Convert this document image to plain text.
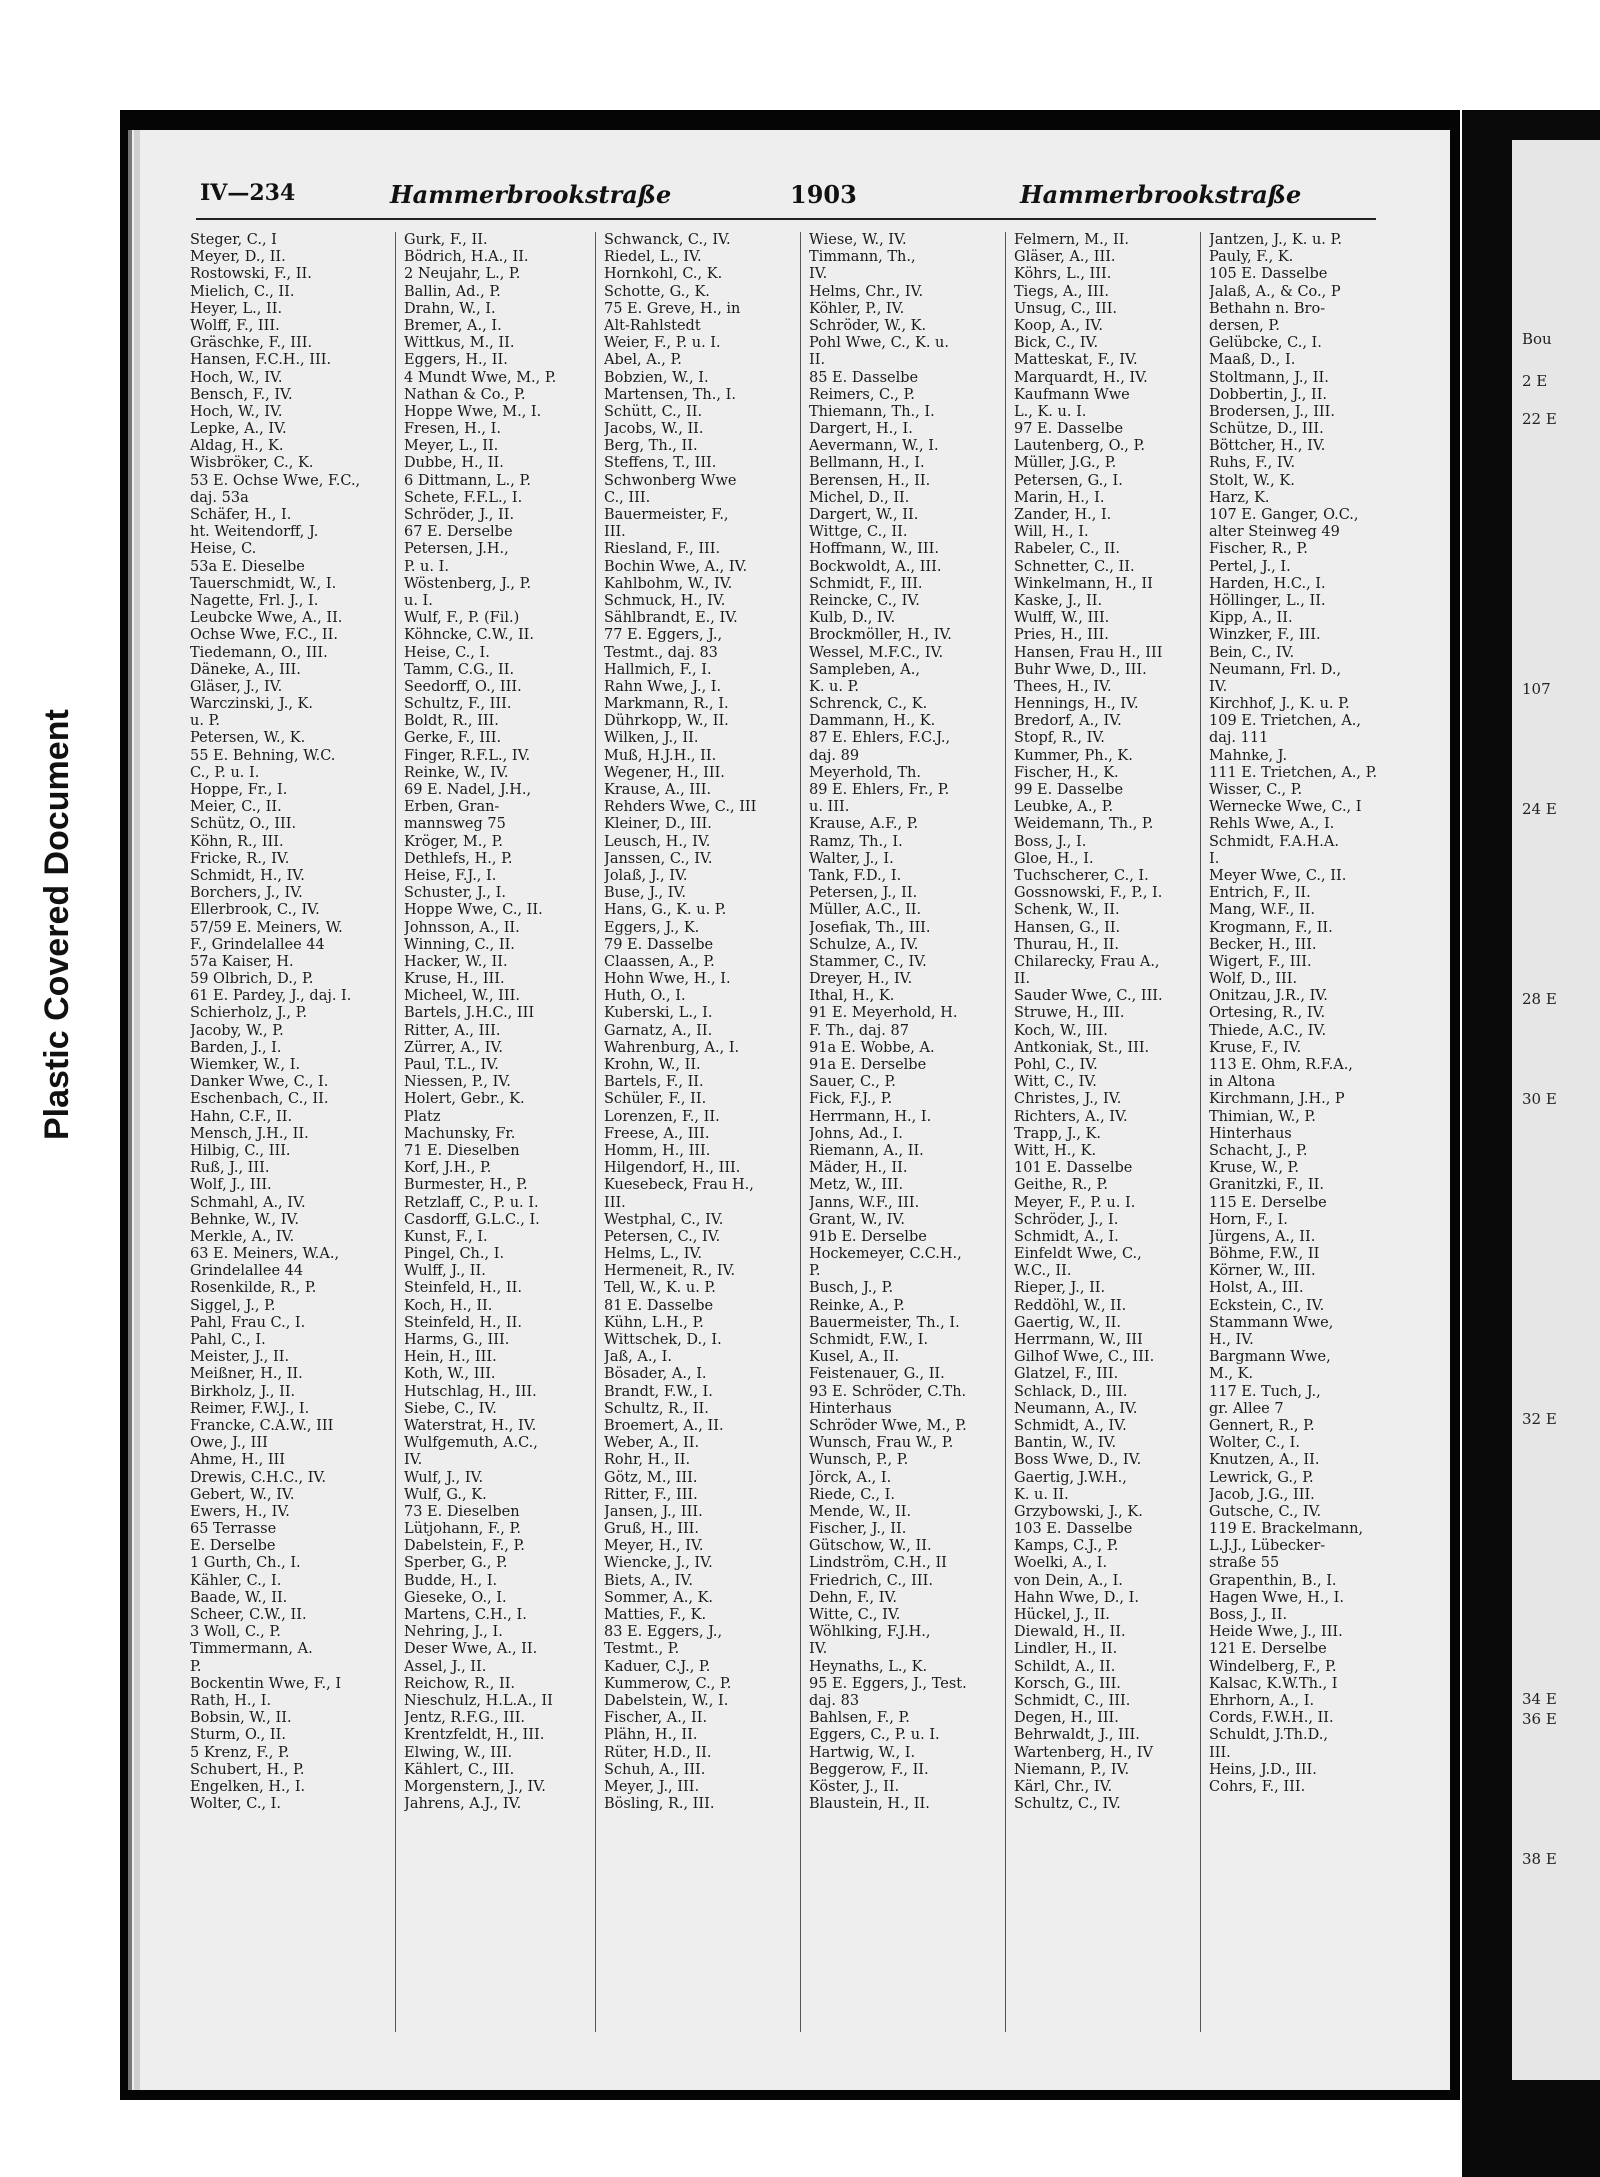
Plastic Covered Document
Bou
2 E
22 E
107
24 E
28 E
30 E
32 E
34 E
36 E
38 E
IV—234	Hammerbrookstraße	1903	Hammerbrookstraße
Steger, C., I
Meyer, D., II.
Rostowski, F., II.
Mielich, C., II.
Heyer, L., II.
Wolff, F., III.
Gräschke, F., III.
Hansen, F.C.H., III.
Hoch, W., IV.
Bensch, F., IV.
Hoch, W., IV.
Lepke, A., IV.
Aldag, H., K.
Wisbröker, C., K.
53 E. Ochse Wwe, F.C.,
daj. 53a
Schäfer, H., I.
ht. Weitendorff, J.
Heise, C.
53a E. Dieselbe
Tauerschmidt, W., I.
Nagette, Frl. J., I.
Leubcke Wwe, A., II.
Ochse Wwe, F.C., II.
Tiedemann, O., III.
Däneke, A., III.
Gläser, J., IV.
Warczinski, J., K.
u. P.
Petersen, W., K.
55 E. Behning, W.C.
C., P. u. I.
Hoppe, Fr., I.
Meier, C., II.
Schütz, O., III.
Köhn, R., III.
Fricke, R., IV.
Schmidt, H., IV.
Borchers, J., IV.
Ellerbrook, C., IV.
57/59 E. Meiners, W.
F., Grindelallee 44
57a Kaiser, H.
59 Olbrich, D., P.
61 E. Pardey, J., daj. I.
Schierholz, J., P.
Jacoby, W., P.
Barden, J., I.
Wiemker, W., I.
Danker Wwe, C., I.
Eschenbach, C., II.
Hahn, C.F., II.
Mensch, J.H., II.
Hilbig, C., III.
Ruß, J., III.
Wolf, J., III.
Schmahl, A., IV.
Behnke, W., IV.
Merkle, A., IV.
63 E. Meiners, W.A.,
Grindelallee 44
Rosenkilde, R., P.
Siggel, J., P.
Pahl, Frau C., I.
Pahl, C., I.
Meister, J., II.
Meißner, H., II.
Birkholz, J., II.
Reimer, F.W.J., I.
Francke, C.A.W., III
Owe, J., III
Ahme, H., III
Drewis, C.H.C., IV.
Gebert, W., IV.
Ewers, H., IV.
65 Terrasse
E. Derselbe
1 Gurth, Ch., I.
Kähler, C., I.
Baade, W., II.
Scheer, C.W., II.
3 Woll, C., P.
Timmermann, A.
P.
Bockentin Wwe, F., I
Rath, H., I.
Bobsin, W., II.
Sturm, O., II.
5 Krenz, F., P.
Schubert, H., P.
Engelken, H., I.
Wolter, C., I.
Gurk, F., II.
Bödrich, H.A., II.
2 Neujahr, L., P.
Ballin, Ad., P.
Drahn, W., I.
Bremer, A., I.
Wittkus, M., II.
Eggers, H., II.
4 Mundt Wwe, M., P.
Nathan & Co., P.
Hoppe Wwe, M., I.
Fresen, H., I.
Meyer, L., II.
Dubbe, H., II.
6 Dittmann, L., P.
Schete, F.F.L., I.
Schröder, J., II.
67 E. Derselbe
Petersen, J.H.,
P. u. I.
Wöstenberg, J., P.
u. I.
Wulf, F., P. (Fil.)
Köhncke, C.W., II.
Heise, C., I.
Tamm, C.G., II.
Seedorff, O., III.
Schultz, F., III.
Boldt, R., III.
Gerke, F., III.
Finger, R.F.L., IV.
Reinke, W., IV.
69 E. Nadel, J.H.,
Erben, Gran-
mannsweg 75
Kröger, M., P.
Dethlefs, H., P.
Heise, F.J., I.
Schuster, J., I.
Hoppe Wwe, C., II.
Johnsson, A., II.
Winning, C., II.
Hacker, W., II.
Kruse, H., III.
Micheel, W., III.
Bartels, J.H.C., III
Ritter, A., III.
Zürrer, A., IV.
Paul, T.L., IV.
Niessen, P., IV.
Holert, Gebr., K.
Platz
Machunsky, Fr.
71 E. Dieselben
Korf, J.H., P.
Burmester, H., P.
Retzlaff, C., P. u. I.
Casdorff, G.L.C., I.
Kunst, F., I.
Pingel, Ch., I.
Wulff, J., II.
Steinfeld, H., II.
Koch, H., II.
Steinfeld, H., II.
Harms, G., III.
Hein, H., III.
Koth, W., III.
Hutschlag, H., III.
Siebe, C., IV.
Waterstrat, H., IV.
Wulfgemuth, A.C.,
IV.
Wulf, J., IV.
Wulf, G., K.
73 E. Dieselben
Lütjohann, F., P.
Dabelstein, F., P.
Sperber, G., P.
Budde, H., I.
Gieseke, O., I.
Martens, C.H., I.
Nehring, J., I.
Deser Wwe, A., II.
Assel, J., II.
Reichow, R., II.
Nieschulz, H.L.A., II
Jentz, R.F.G., III.
Krentzfeldt, H., III.
Elwing, W., III.
Kählert, C., III.
Morgenstern, J., IV.
Jahrens, A.J., IV.
Schwanck, C., IV.
Riedel, L., IV.
Hornkohl, C., K.
Schotte, G., K.
75 E. Greve, H., in
Alt-Rahlstedt
Weier, F., P. u. I.
Abel, A., P.
Bobzien, W., I.
Martensen, Th., I.
Schütt, C., II.
Jacobs, W., II.
Berg, Th., II.
Steffens, T., III.
Schwonberg Wwe
C., III.
Bauermeister, F.,
III.
Riesland, F., III.
Bochin Wwe, A., IV.
Kahlbohm, W., IV.
Schmuck, H., IV.
Sählbrandt, E., IV.
77 E. Eggers, J.,
Testmt., daj. 83
Hallmich, F., I.
Rahn Wwe, J., I.
Markmann, R., I.
Dührkopp, W., II.
Wilken, J., II.
Muß, H.J.H., II.
Wegener, H., III.
Krause, A., III.
Rehders Wwe, C., III
Kleiner, D., III.
Leusch, H., IV.
Janssen, C., IV.
Jolaß, J., IV.
Buse, J., IV.
Hans, G., K. u. P.
Eggers, J., K.
79 E. Dasselbe
Claassen, A., P.
Hohn Wwe, H., I.
Huth, O., I.
Kuberski, L., I.
Garnatz, A., II.
Wahrenburg, A., I.
Krohn, W., II.
Bartels, F., II.
Schüler, F., II.
Lorenzen, F., II.
Freese, A., III.
Homm, H., III.
Hilgendorf, H., III.
Kuesebeck, Frau H.,
III.
Westphal, C., IV.
Petersen, C., IV.
Helms, L., IV.
Hermeneit, R., IV.
Tell, W., K. u. P.
81 E. Dasselbe
Kühn, L.H., P.
Wittschek, D., I.
Jaß, A., I.
Bösader, A., I.
Brandt, F.W., I.
Schultz, R., II.
Broemert, A., II.
Weber, A., II.
Rohr, H., II.
Götz, M., III.
Ritter, F., III.
Jansen, J., III.
Gruß, H., III.
Meyer, H., IV.
Wiencke, J., IV.
Biets, A., IV.
Sommer, A., K.
Matties, F., K.
83 E. Eggers, J.,
Testmt., P.
Kaduer, C.J., P.
Kummerow, C., P.
Dabelstein, W., I.
Fischer, A., II.
Plähn, H., II.
Rüter, H.D., II.
Schuh, A., III.
Meyer, J., III.
Bösling, R., III.
Wiese, W., IV.
Timmann, Th.,
IV.
Helms, Chr., IV.
Köhler, P., IV.
Schröder, W., K.
Pohl Wwe, C., K. u.
II.
85 E. Dasselbe
Reimers, C., P.
Thiemann, Th., I.
Dargert, H., I.
Aevermann, W., I.
Bellmann, H., I.
Berensen, H., II.
Michel, D., II.
Dargert, W., II.
Wittge, C., II.
Hoffmann, W., III.
Bockwoldt, A., III.
Schmidt, F., III.
Reincke, C., IV.
Kulb, D., IV.
Brockmöller, H., IV.
Wessel, M.F.C., IV.
Sampleben, A.,
K. u. P.
Schrenck, C., K.
Dammann, H., K.
87 E. Ehlers, F.C.J.,
daj. 89
Meyerhold, Th.
89 E. Ehlers, Fr., P.
u. III.
Krause, A.F., P.
Ramz, Th., I.
Walter, J., I.
Tank, F.D., I.
Petersen, J., II.
Müller, A.C., II.
Josefiak, Th., III.
Schulze, A., IV.
Stammer, C., IV.
Dreyer, H., IV.
Ithal, H., K.
91 E. Meyerhold, H.
F. Th., daj. 87
91a E. Wobbe, A.
91a E. Derselbe
Sauer, C., P.
Fick, F.J., P.
Herrmann, H., I.
Johns, Ad., I.
Riemann, A., II.
Mäder, H., II.
Metz, W., III.
Janns, W.F., III.
Grant, W., IV.
91b E. Derselbe
Hockemeyer, C.C.H.,
P.
Busch, J., P.
Reinke, A., P.
Bauermeister, Th., I.
Schmidt, F.W., I.
Kusel, A., II.
Feistenauer, G., II.
93 E. Schröder, C.Th.
Hinterhaus
Schröder Wwe, M., P.
Wunsch, Frau W., P.
Wunsch, P., P.
Jörck, A., I.
Riede, C., I.
Mende, W., II.
Fischer, J., II.
Gütschow, W., II.
Lindström, C.H., II
Friedrich, C., III.
Dehn, F., IV.
Witte, C., IV.
Wöhlking, F.J.H.,
IV.
Heynaths, L., K.
95 E. Eggers, J., Test.
daj. 83
Bahlsen, F., P.
Eggers, C., P. u. I.
Hartwig, W., I.
Beggerow, F., II.
Köster, J., II.
Blaustein, H., II.
Felmern, M., II.
Gläser, A., III.
Köhrs, L., III.
Tiegs, A., III.
Unsug, C., III.
Koop, A., IV.
Bick, C., IV.
Matteskat, F., IV.
Marquardt, H., IV.
Kaufmann Wwe
L., K. u. I.
97 E. Dasselbe
Lautenberg, O., P.
Müller, J.G., P.
Petersen, G., I.
Marin, H., I.
Zander, H., I.
Will, H., I.
Rabeler, C., II.
Schnetter, C., II.
Winkelmann, H., II
Kaske, J., II.
Wulff, W., III.
Pries, H., III.
Hansen, Frau H., III
Buhr Wwe, D., III.
Thees, H., IV.
Hennings, H., IV.
Bredorf, A., IV.
Stopf, R., IV.
Kummer, Ph., K.
Fischer, H., K.
99 E. Dasselbe
Leubke, A., P.
Weidemann, Th., P.
Boss, J., I.
Gloe, H., I.
Tuchscherer, C., I.
Gossnowski, F., P., I.
Schenk, W., II.
Hansen, G., II.
Thurau, H., II.
Chilarecky, Frau A.,
II.
Sauder Wwe, C., III.
Struwe, H., III.
Koch, W., III.
Antkoniak, St., III.
Pohl, C., IV.
Witt, C., IV.
Christes, J., IV.
Richters, A., IV.
Trapp, J., K.
Witt, H., K.
101 E. Dasselbe
Geithe, R., P.
Meyer, F., P. u. I.
Schröder, J., I.
Schmidt, A., I.
Einfeldt Wwe, C.,
W.C., II.
Rieper, J., II.
Reddöhl, W., II.
Gaertig, W., II.
Herrmann, W., III
Gilhof Wwe, C., III.
Glatzel, F., III.
Schlack, D., III.
Neumann, A., IV.
Schmidt, A., IV.
Bantin, W., IV.
Boss Wwe, D., IV.
Gaertig, J.W.H.,
K. u. II.
Grzybowski, J., K.
103 E. Dasselbe
Kamps, C.J., P.
Woelki, A., I.
von Dein, A., I.
Hahn Wwe, D., I.
Hückel, J., II.
Diewald, H., II.
Lindler, H., II.
Schildt, A., II.
Korsch, G., III.
Schmidt, C., III.
Degen, H., III.
Behrwaldt, J., III.
Wartenberg, H., IV
Niemann, P., IV.
Kärl, Chr., IV.
Schultz, C., IV.
Jantzen, J., K. u. P.
Pauly, F., K.
105 E. Dasselbe
Jalaß, A., & Co., P
Bethahn n. Bro-
dersen, P.
Gelübcke, C., I.
Maaß, D., I.
Stoltmann, J., II.
Dobbertin, J., II.
Brodersen, J., III.
Schütze, D., III.
Böttcher, H., IV.
Ruhs, F., IV.
Stolt, W., K.
Harz, K.
107 E. Ganger, O.C.,
alter Steinweg 49
Fischer, R., P.
Pertel, J., I.
Harden, H.C., I.
Höllinger, L., II.
Kipp, A., II.
Winzker, F., III.
Bein, C., IV.
Neumann, Frl. D.,
IV.
Kirchhof, J., K. u. P.
109 E. Trietchen, A.,
daj. 111
Mahnke, J.
111 E. Trietchen, A., P.
Wisser, C., P.
Wernecke Wwe, C., I
Rehls Wwe, A., I.
Schmidt, F.A.H.A.
I.
Meyer Wwe, C., II.
Entrich, F., II.
Mang, W.F., II.
Krogmann, F., II.
Becker, H., III.
Wigert, F., III.
Wolf, D., III.
Onitzau, J.R., IV.
Ortesing, R., IV.
Thiede, A.C., IV.
Kruse, F., IV.
113 E. Ohm, R.F.A.,
in Altona
Kirchmann, J.H., P
Thimian, W., P.
Hinterhaus
Schacht, J., P.
Kruse, W., P.
Granitzki, F., II.
115 E. Derselbe
Horn, F., I.
Jürgens, A., II.
Böhme, F.W., II
Körner, W., III.
Holst, A., III.
Eckstein, C., IV.
Stammann Wwe,
H., IV.
Bargmann Wwe,
M., K.
117 E. Tuch, J.,
gr. Allee 7
Gennert, R., P.
Wolter, C., I.
Knutzen, A., II.
Lewrick, G., P.
Jacob, J.G., III.
Gutsche, C., IV.
119 E. Brackelmann,
L.J.J., Lübecker-
straße 55
Grapenthin, B., I.
Hagen Wwe, H., I.
Boss, J., II.
Heide Wwe, J., III.
121 E. Derselbe
Windelberg, F., P.
Kalsac, K.W.Th., I
Ehrhorn, A., I.
Cords, F.W.H., II.
Schuldt, J.Th.D.,
III.
Heins, J.D., III.
Cohrs, F., III.
